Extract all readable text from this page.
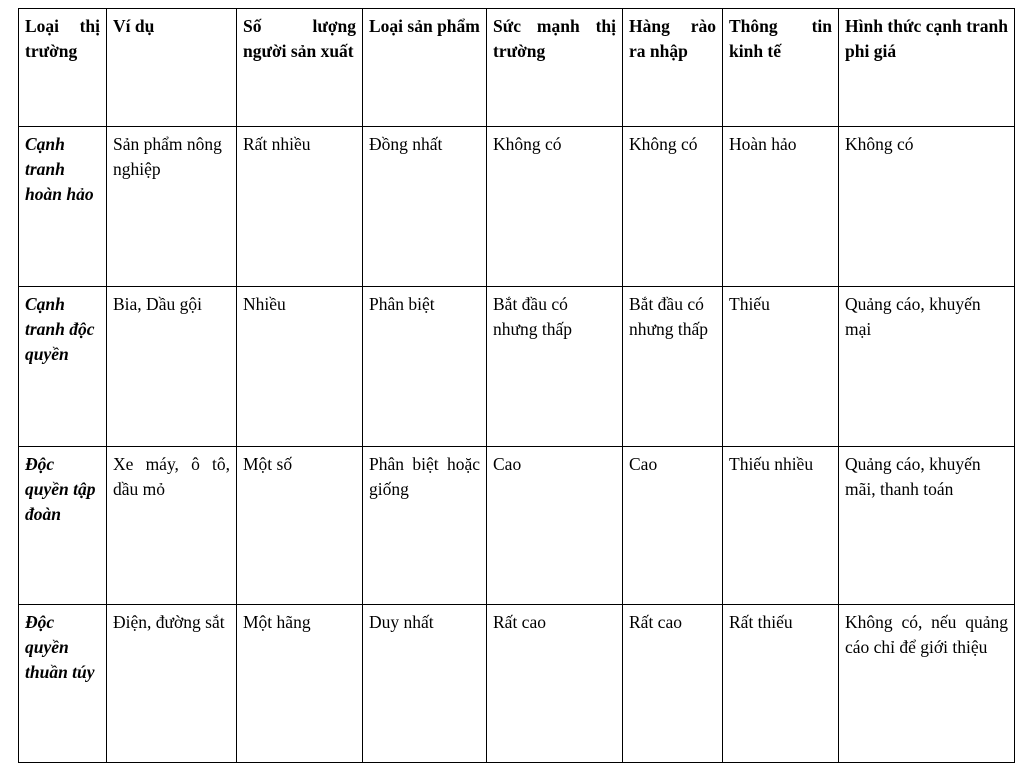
Loại thị trường	Ví dụ	Số lượng người sản xuất	Loại sản phẩm	Sức mạnh thị trường	Hàng rào ra nhập	Thông tin kinh tế	Hình thức cạnh tranh phi giá

Cạnh tranh hoàn hảo	Sản phẩm nông nghiệp	Rất nhiều	Đồng nhất	Không có	Không có	Hoàn hảo	Không có

Cạnh tranh độc quyền	Bia, Dầu gội	Nhiều	Phân biệt	Bắt đầu có nhưng thấp	Bắt đầu có nhưng thấp	Thiếu	Quảng cáo, khuyến mại

Độc quyền tập đoàn	Xe máy, ô tô, dầu mỏ	Một số	Phân biệt hoặc giống	Cao	Cao	Thiếu nhiều	Quảng cáo, khuyến mãi, thanh toán

Độc quyền thuần túy	Điện, đường sắt	Một hãng	Duy nhất	Rất cao	Rất cao	Rất thiếu	Không có, nếu quảng cáo chỉ để giới thiệu
